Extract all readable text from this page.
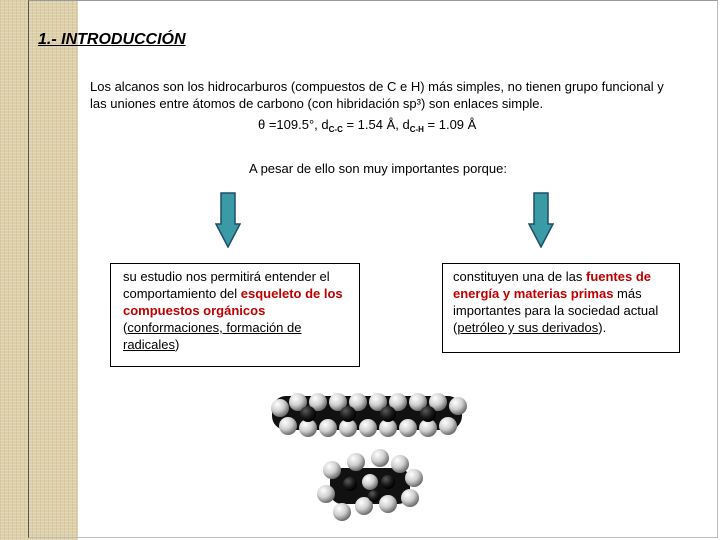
1.- INTRODUCCIÓN
Los alcanos son los hidrocarburos (compuestos de C e H) más simples, no tienen grupo funcional y las uniones entre átomos de carbono (con hibridación sp³) son enlaces simple.
θ =109.5°, $d_{C-C} = 1.54$ Å, $d_{C-H} = 1.09$ Å
A pesar de ello son muy importantes porque:
su estudio nos permitirá entender el comportamiento del esqueleto de los compuestos orgánicos (conformaciones, formación de radicales)
constituyen una de las fuentes de energía y materias primas más importantes para la sociedad actual (petróleo y sus derivados).
